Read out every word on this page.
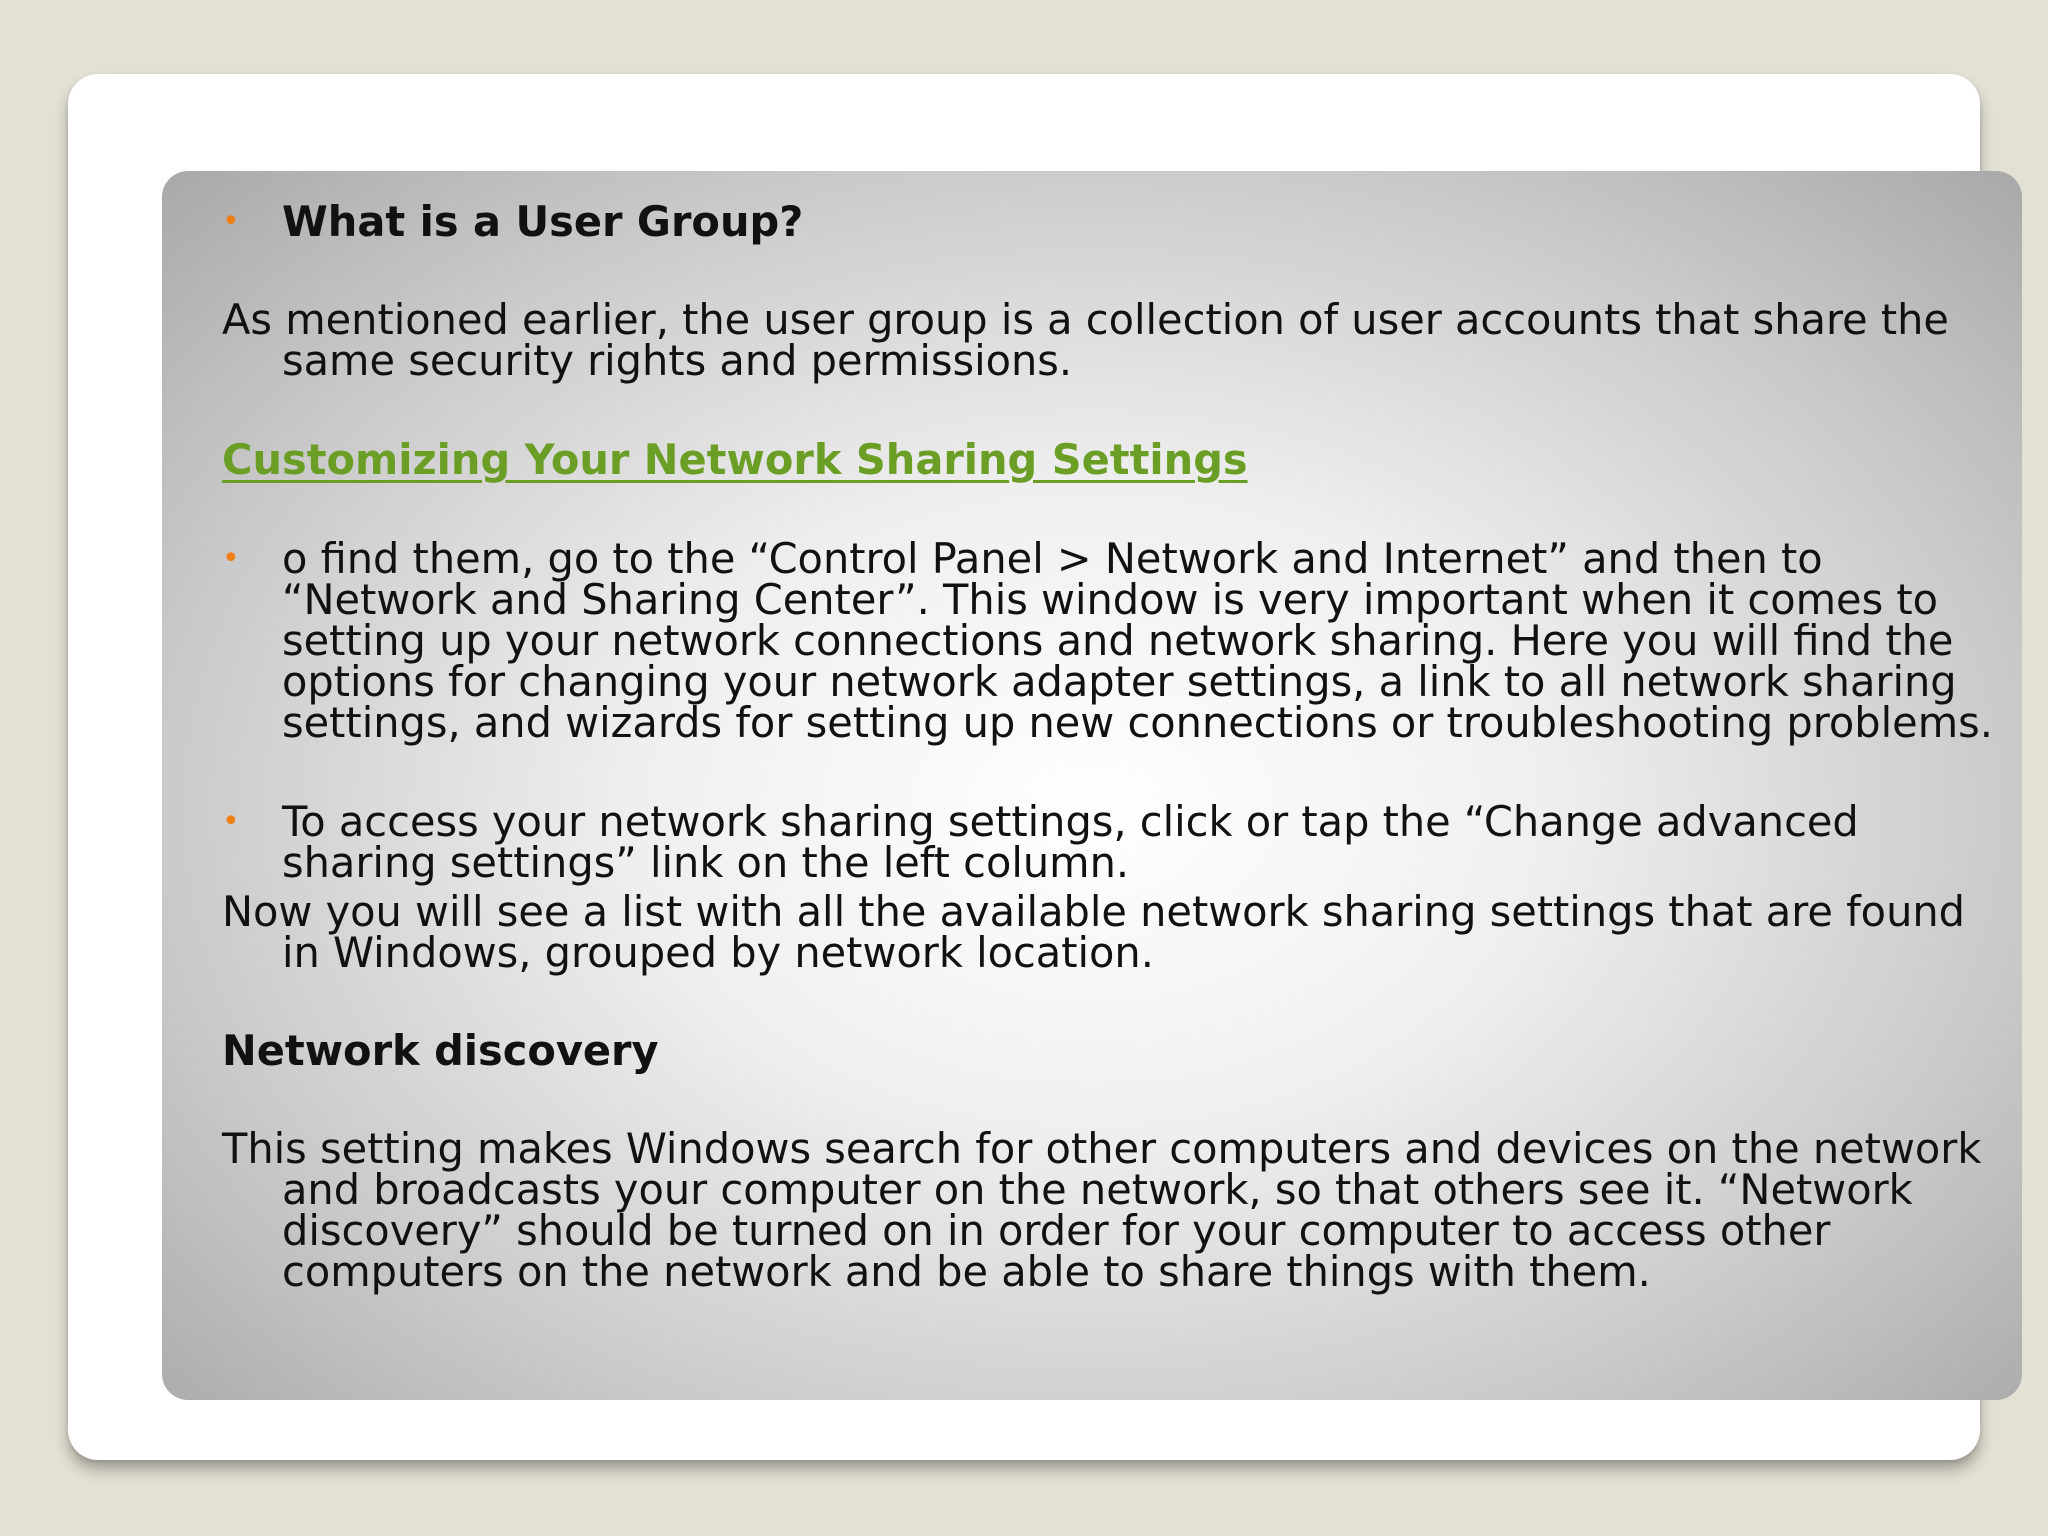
•	What is a User Group?
As mentioned earlier, the user group is a collection of user accounts that share the same security rights and permissions.
Customizing Your Network Sharing Settings
•	o find them, go to the “Control Panel > Network and Internet” and then to “Network and Sharing Center”. This window is very important when it comes to setting up your network connections and network sharing. Here you will find the options for changing your network adapter settings, a link to all network sharing settings, and wizards for setting up new connections or troubleshooting problems.
•	To access your network sharing settings, click or tap the “Change advanced sharing settings” link on the left column.
Now you will see a list with all the available network sharing settings that are found in Windows, grouped by network location.
Network discovery
This setting makes Windows search for other computers and devices on the network and broadcasts your computer on the network, so that others see it. “Network discovery” should be turned on in order for your computer to access other computers on the network and be able to share things with them.
